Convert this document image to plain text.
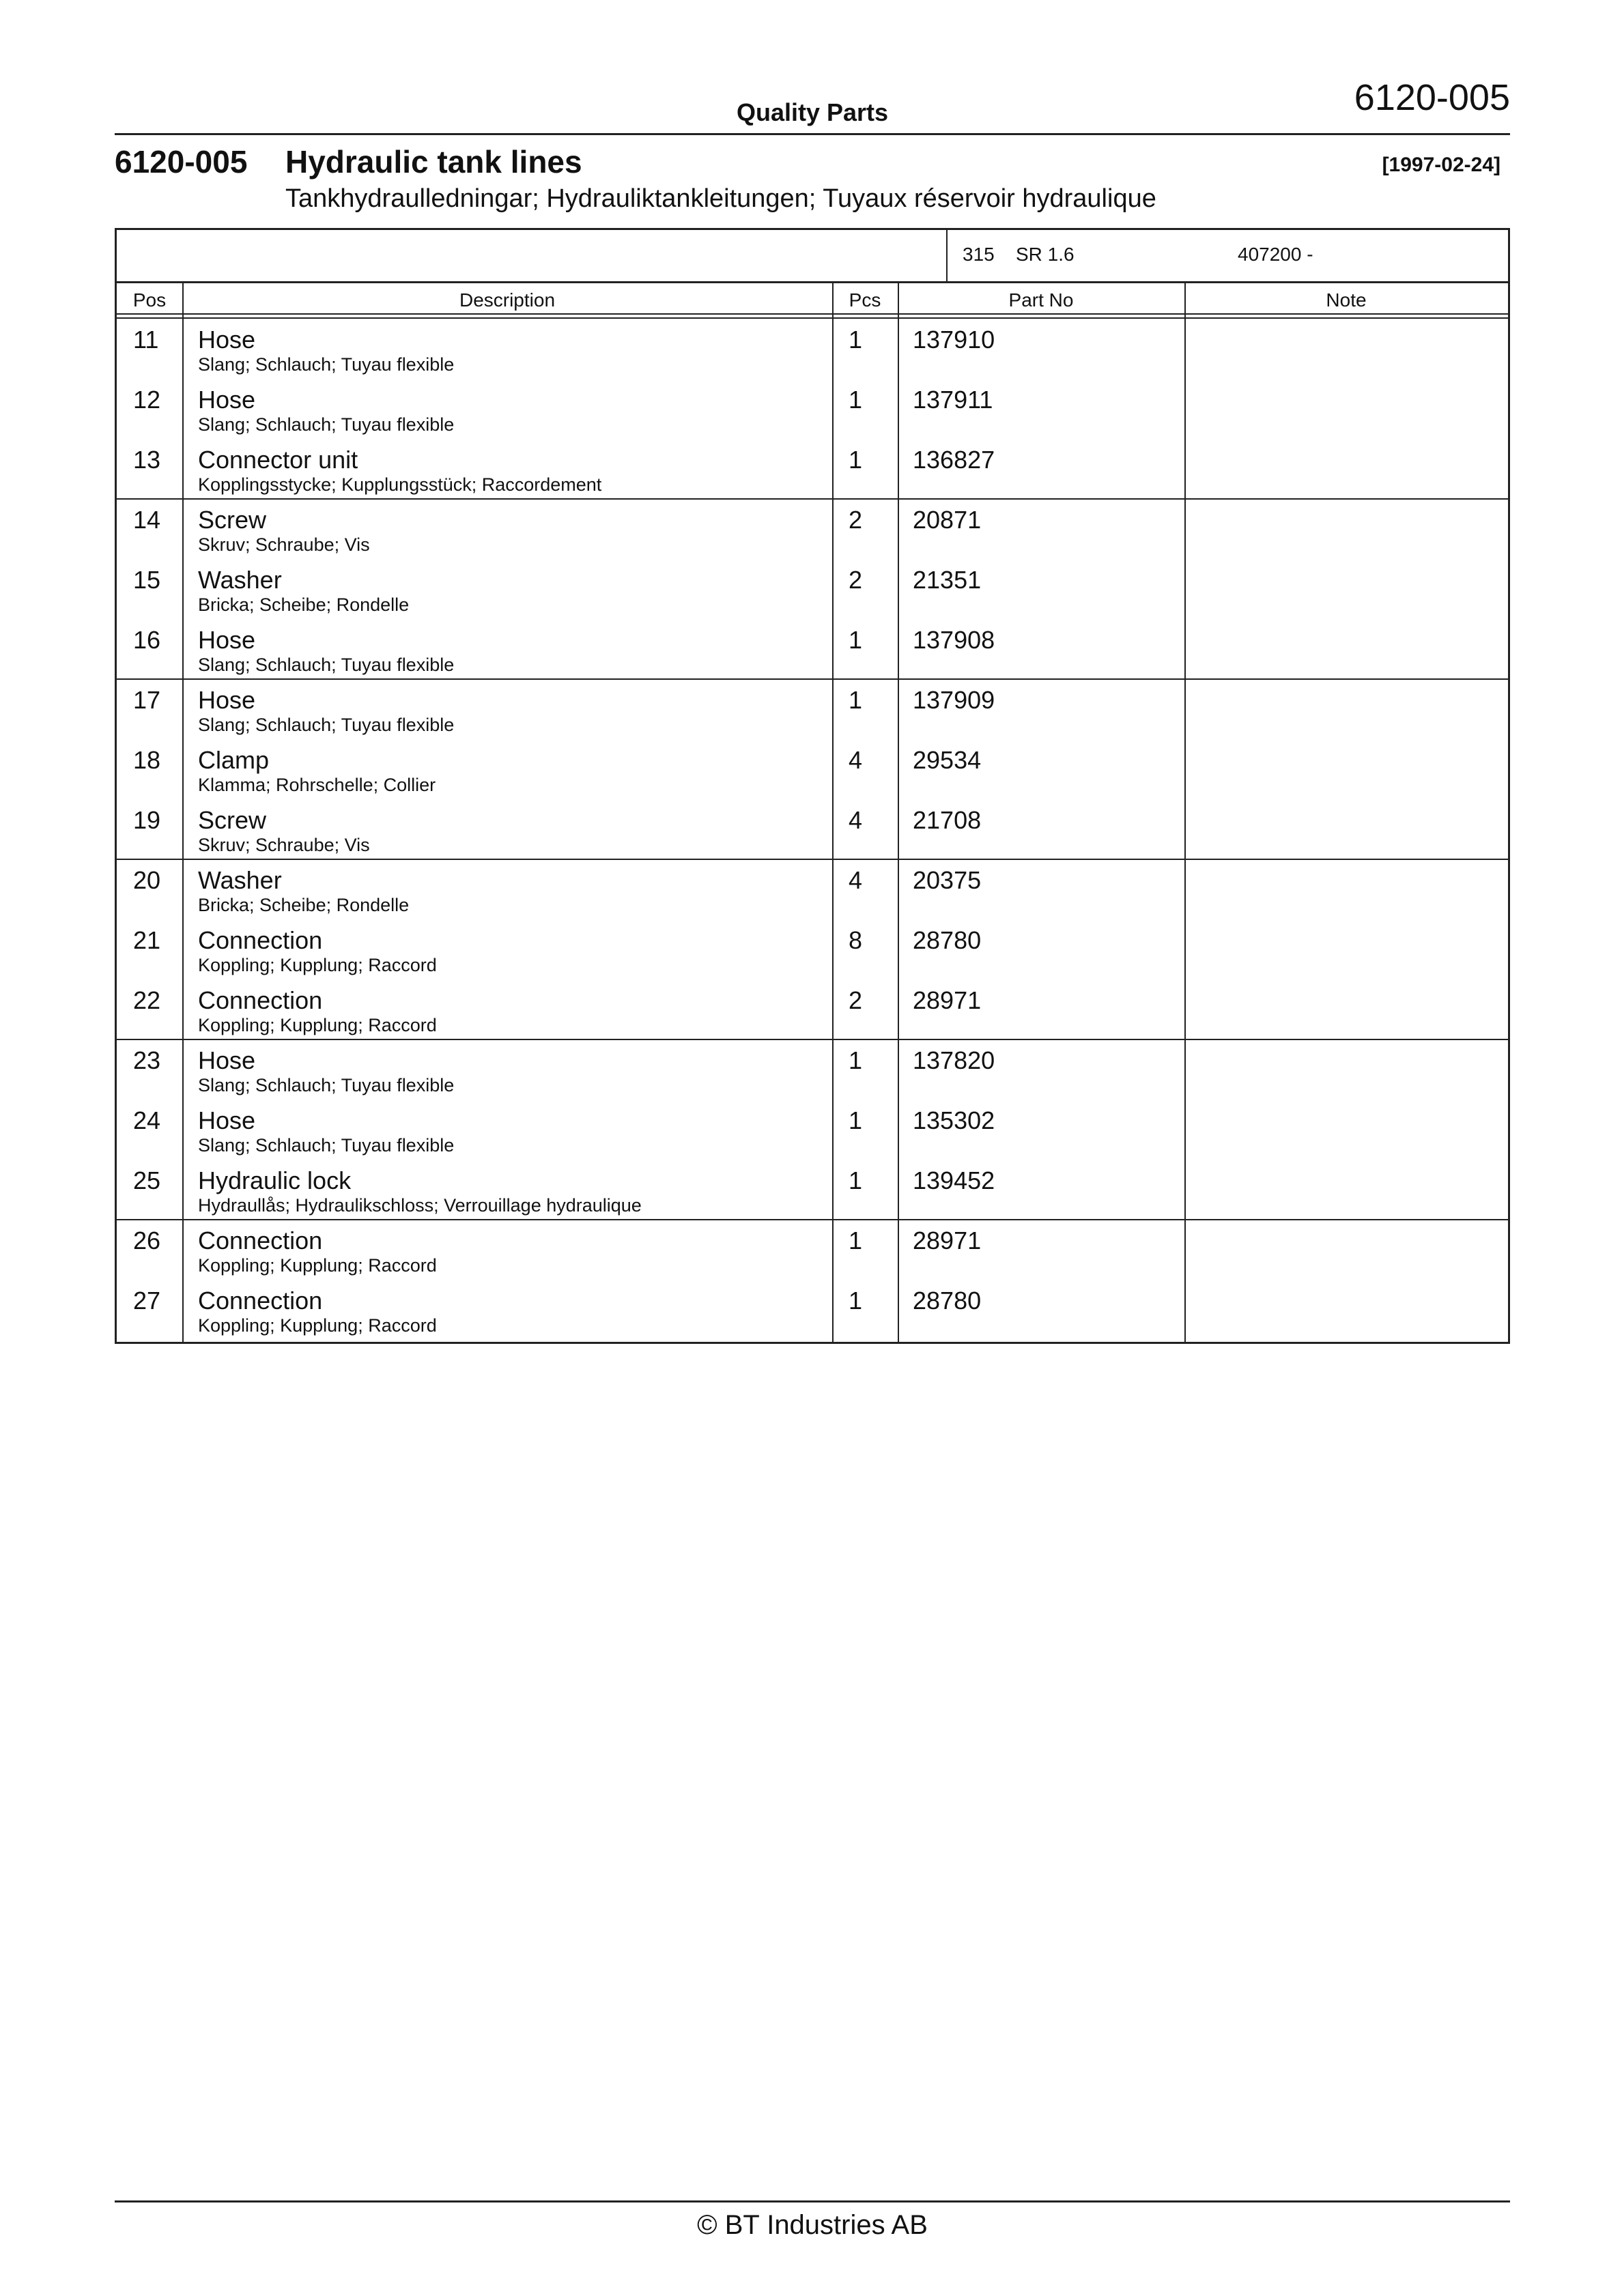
Quality Parts	6120-005
6120-005 Hydraulic tank lines	[1997-02-24]
Tankhydraulledningar; Hydrauliktankleitungen; Tuyaux réservoir hydraulique
315 SR 1.6	407200 -
Pos	Description	Pcs	Part No	Note
11 Hose
Slang; Schlauch; Tuyau flexible
1 137910
12 Hose
Slang; Schlauch; Tuyau flexible
1 137911
13 Connector unit
Kopplingsstycke; Kupplungsstück; Raccordement
1 136827
14 Screw
Skruv; Schraube; Vis
2 20871
15 Washer
Bricka; Scheibe; Rondelle
2 21351
16 Hose
Slang; Schlauch; Tuyau flexible
1 137908
17 Hose
Slang; Schlauch; Tuyau flexible
1 137909
18 Clamp
Klamma; Rohrschelle; Collier
4 29534
19 Screw
Skruv; Schraube; Vis
4 21708
20 Washer
Bricka; Scheibe; Rondelle
4 20375
21 Connection
Koppling; Kupplung; Raccord
8 28780
22 Connection
Koppling; Kupplung; Raccord
2 28971
23 Hose
Slang; Schlauch; Tuyau flexible
1 137820
24 Hose
Slang; Schlauch; Tuyau flexible
1 135302
25 Hydraulic lock
Hydraullås; Hydraulikschloss; Verrouillage hydraulique
1 139452
26 Connection
Koppling; Kupplung; Raccord
1 28971
27 Connection
Koppling; Kupplung; Raccord
1 28780
© BT Industries AB
